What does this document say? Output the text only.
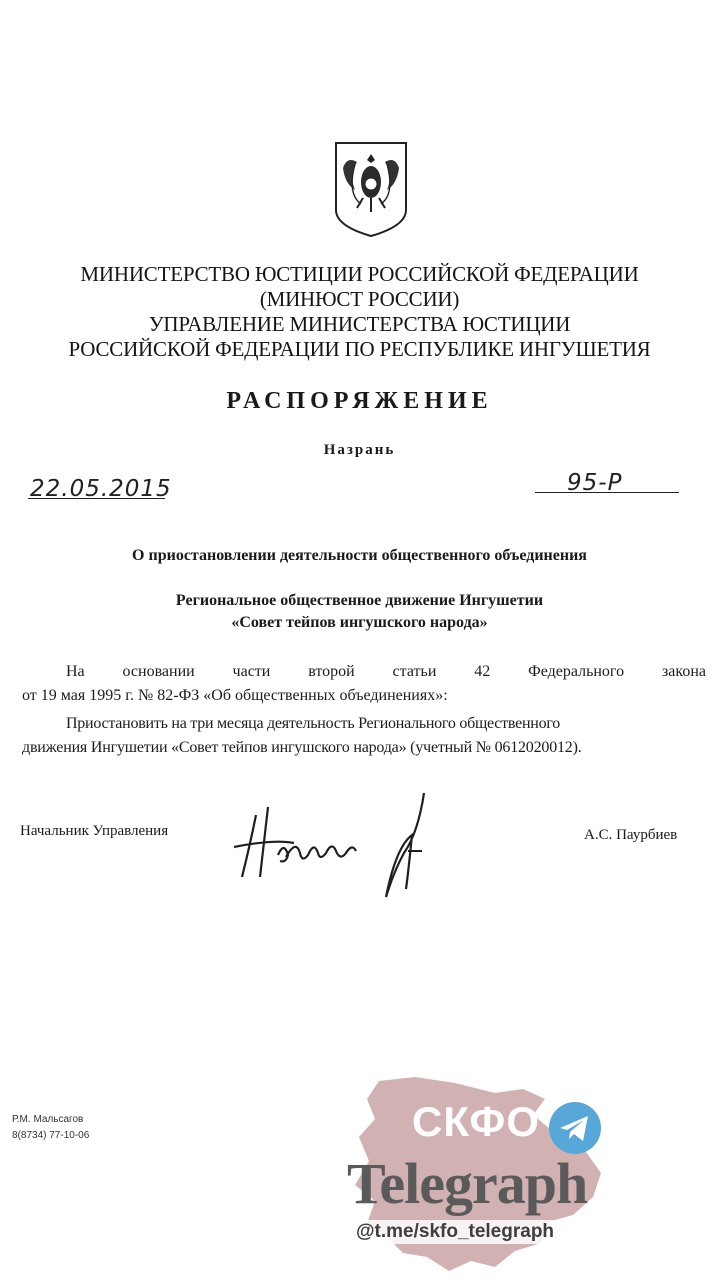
МИНИСТЕРСТВО ЮСТИЦИИ РОССИЙСКОЙ ФЕДЕРАЦИИ
(МИНЮСТ РОССИИ)
УПРАВЛЕНИЕ МИНИСТЕРСТВА ЮСТИЦИИ
РОССИЙСКОЙ ФЕДЕРАЦИИ ПО РЕСПУБЛИКЕ ИНГУШЕТИЯ
РАСПОРЯЖЕНИЕ
Назрань
22.05.2015	95-Р
О приостановлении деятельности общественного объединения
Региональное общественное движение Ингушетии
«Совет тейпов ингушского народа»
На основании части второй статьи 42 Федерального закона
от 19 мая 1995 г. № 82-ФЗ «Об общественных объединениях»:
Приостановить на три месяца деятельность Регионального общественного
движения Ингушетии «Совет тейпов ингушского народа» (учетный № 0612020012).
Начальник Управления	А.С. Паурбиев
Р.М. Мальсагов
8(8734) 77-10-06	СКФО
Telegraph
@t.me/skfo_telegraph
